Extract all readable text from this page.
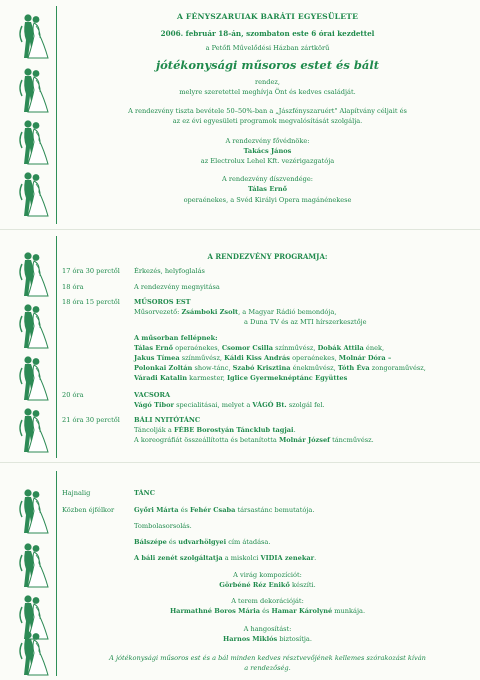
A FÉNYSZARUIAK BARÁTI EGYESÜLETE
2006. február 18-án, szombaton este 6 órai kezdettel
a Petőfi Művelődési Házban zártkörű
jótékonysági műsoros estet és bált
rendez,
melyre szeretettel meghívja Önt és kedves családját.
A rendezvény tiszta bevétele 50–50%-ban a „Jászfényszaruért" Alapítvány céljait és
az ez évi egyesületi programok megvalósítását szolgálja.
A rendezvény fővédnöke:
Takács János
az Electrolux Lehel Kft. vezérigazgatója
A rendezvény díszvendége:
Tálas Ernő
operaénekes, a Svéd Királyi Opera magánénekese
A RENDEZVÉNY PROGRAMJA:
17 óra 30 perctől Érkezés, helyfoglalás
18 óra	A rendezvény megnyitása
18 óra 15 perctől MŰSOROS EST
Műsorvezető: Zsámboki Zsolt, a Magyar Rádió bemondója,
a Duna TV és az MTI hírszerkesztője
A műsorban fellépnek:
Tálas Ernő operaénekes, Csomor Csilla színművész, Dobák Attila ének,
Jakus Tímea színművész, Káldi Kiss András operaénekes, Molnár Dóra –
Polonkai Zoltán show-tánc, Szabó Krisztina énekművész, Tóth Éva zongoraművész,
Váradi Katalin karmester, Iglice Gyermeknéptánc Együttes
20 óra	VACSORA
Vágó Tibor specialitásai, melyet a VÁGÓ Bt. szolgál fel.
21 óra 30 perctől BÁLI NYITÓTÁNC
Táncolják a FÉBE Borostyán Táncklub tagjai.
A koreográfiát összeállította és betanította Molnár József táncművész.
Hajnalig	TÁNC
Közben éjfélkor	Győri Márta és Fehér Csaba társastánc bemutatója.
Tombolasorsolás.
Bálszépe és udvarhölgyei cím átadása.
A báli zenét szolgáltatja a miskolci VIDIA zenekar.
A virág kompozíciót:
Görbéné Réz Enikő készíti.
A terem dekorációját:
Harmathné Boros Mária és Hamar Károlyné munkája.
A hangosítást:
Harnos Miklós biztosítja.
A jótékonysági műsoros est és a bál minden kedves résztvevőjének kellemes szórakozást kíván
a rendezőség.
